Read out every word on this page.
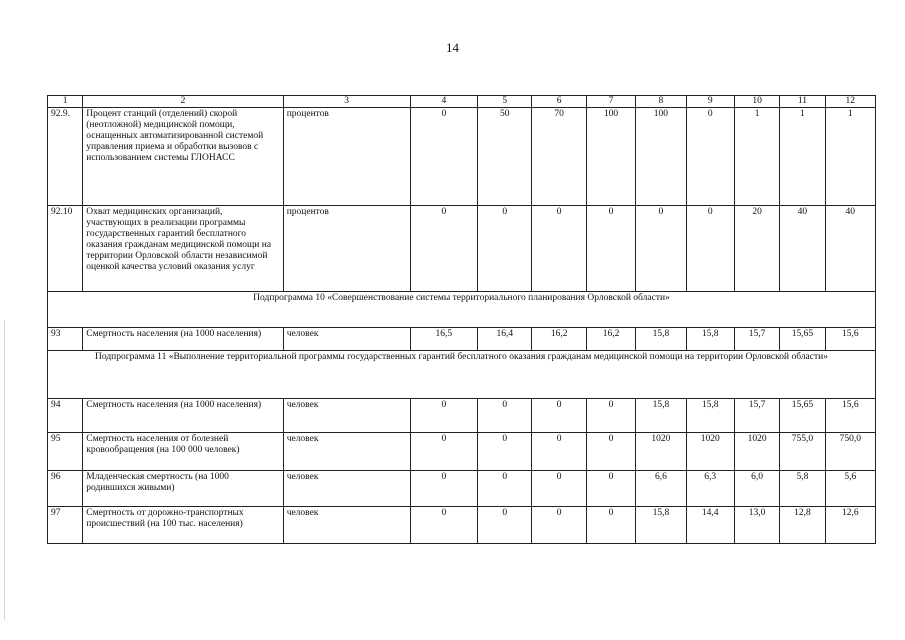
14
1	2	3	4	5	6	7	8	9	10	11	12
92.9.	Процент станций (отделений) скорой (неотложной) медицинской помощи, оснащенных автоматизированной системой управления приема и обработки вызовов с использованием системы ГЛОНАСС	процентов	0	50	70	100	100	0	1	1	1
92.10	Охват медицинских организаций, участвующих в реализации программы государственных гарантий бесплатного оказания гражданам медицинской помощи на территории Орловской области независимой оценкой качества условий оказания услуг	процентов	0	0	0	0	0	0	20	40	40
Подпрограмма 10 «Совершенствование системы территориального планирования Орловской области»											
93	Смертность населения (на 1000 населения)	человек	16,5	16,4	16,2	16,2	15,8	15,8	15,7	15,65	15,6
Подпрограмма 11 «Выполнение территориальной программы государственных гарантий бесплатного оказания гражданам медицинской помощи на территории Орловской области»											
94	Смертность населения (на 1000 населения)	человек	0	0	0	0	15,8	15,8	15,7	15,65	15,6
95	Смертность населения от болезней кровообращения (на 100 000 человек)	человек	0	0	0	0	1020	1020	1020	755,0	750,0
96	Младенческая смертность (на 1000 родившихся живыми)	человек	0	0	0	0	6,6	6,3	6,0	5,8	5,6
97	Смертность от дорожно-транспортных происшествий (на 100 тыс. населения)	человек	0	0	0	0	15,8	14,4	13,0	12,8	12,6
